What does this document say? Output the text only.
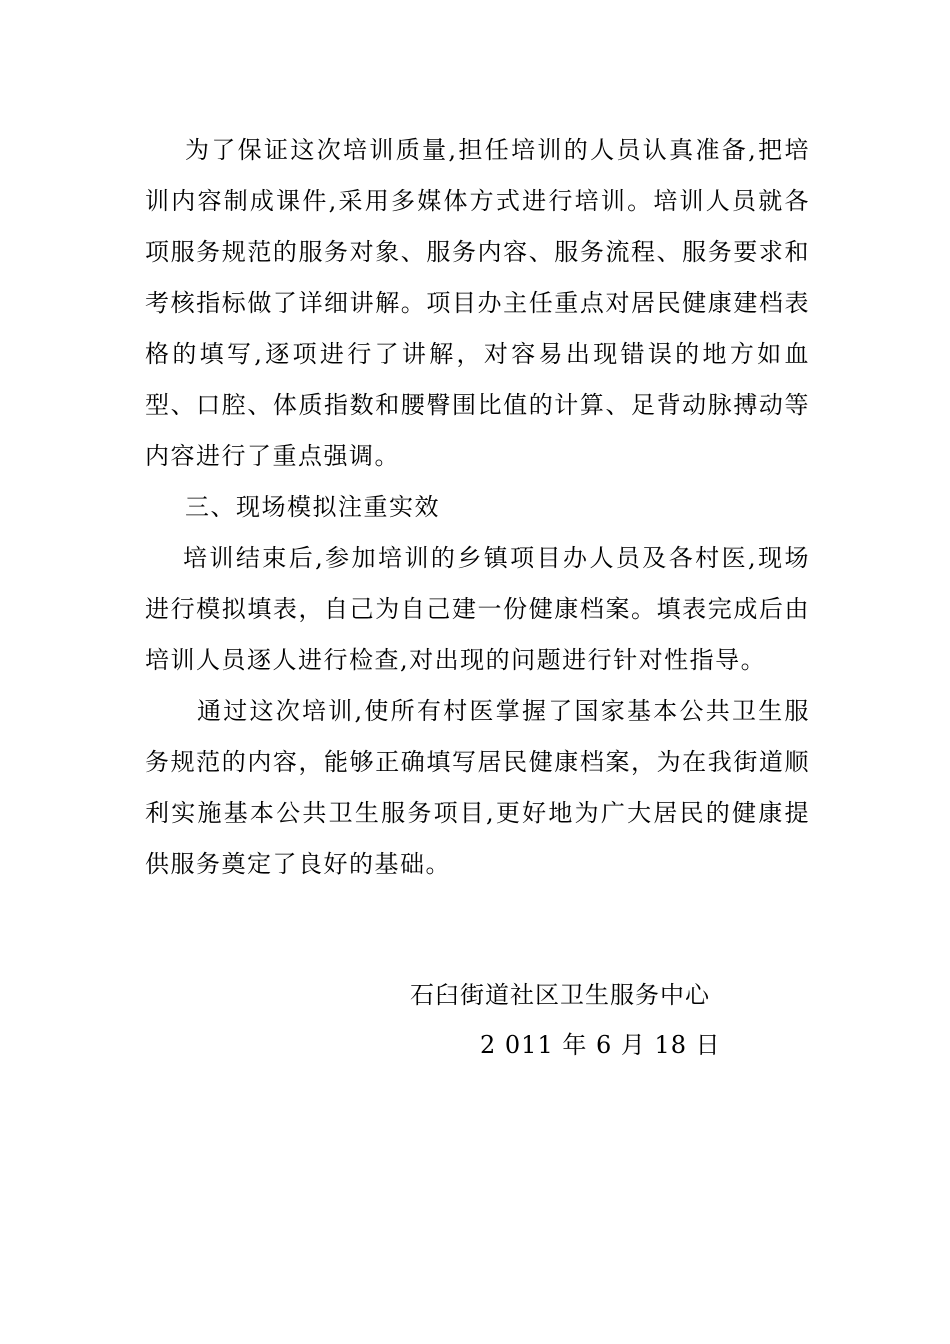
为了保证这次培训质量,担任培训的人员认真准备,把培训内容制成课件,采用多媒体方式进行培训。培训人员就各项服务规范的服务对象、服务内容、服务流程、服务要求和考核指标做了详细讲解。项目办主任重点对居民健康建档表格的填写,逐项进行了讲解，对容易出现错误的地方如血型、口腔、体质指数和腰臀围比值的计算、足背动脉搏动等内容进行了重点强调。

三、现场模拟注重实效

培训结束后,参加培训的乡镇项目办人员及各村医,现场进行模拟填表，自己为自己建一份健康档案。填表完成后由培训人员逐人进行检查,对出现的问题进行针对性指导。

通过这次培训,使所有村医掌握了国家基本公共卫生服务规范的内容，能够正确填写居民健康档案，为在我街道顺利实施基本公共卫生服务项目,更好地为广大居民的健康提供服务奠定了良好的基础。

石臼街道社区卫生服务中心
2 011 年 6 月 18 日
